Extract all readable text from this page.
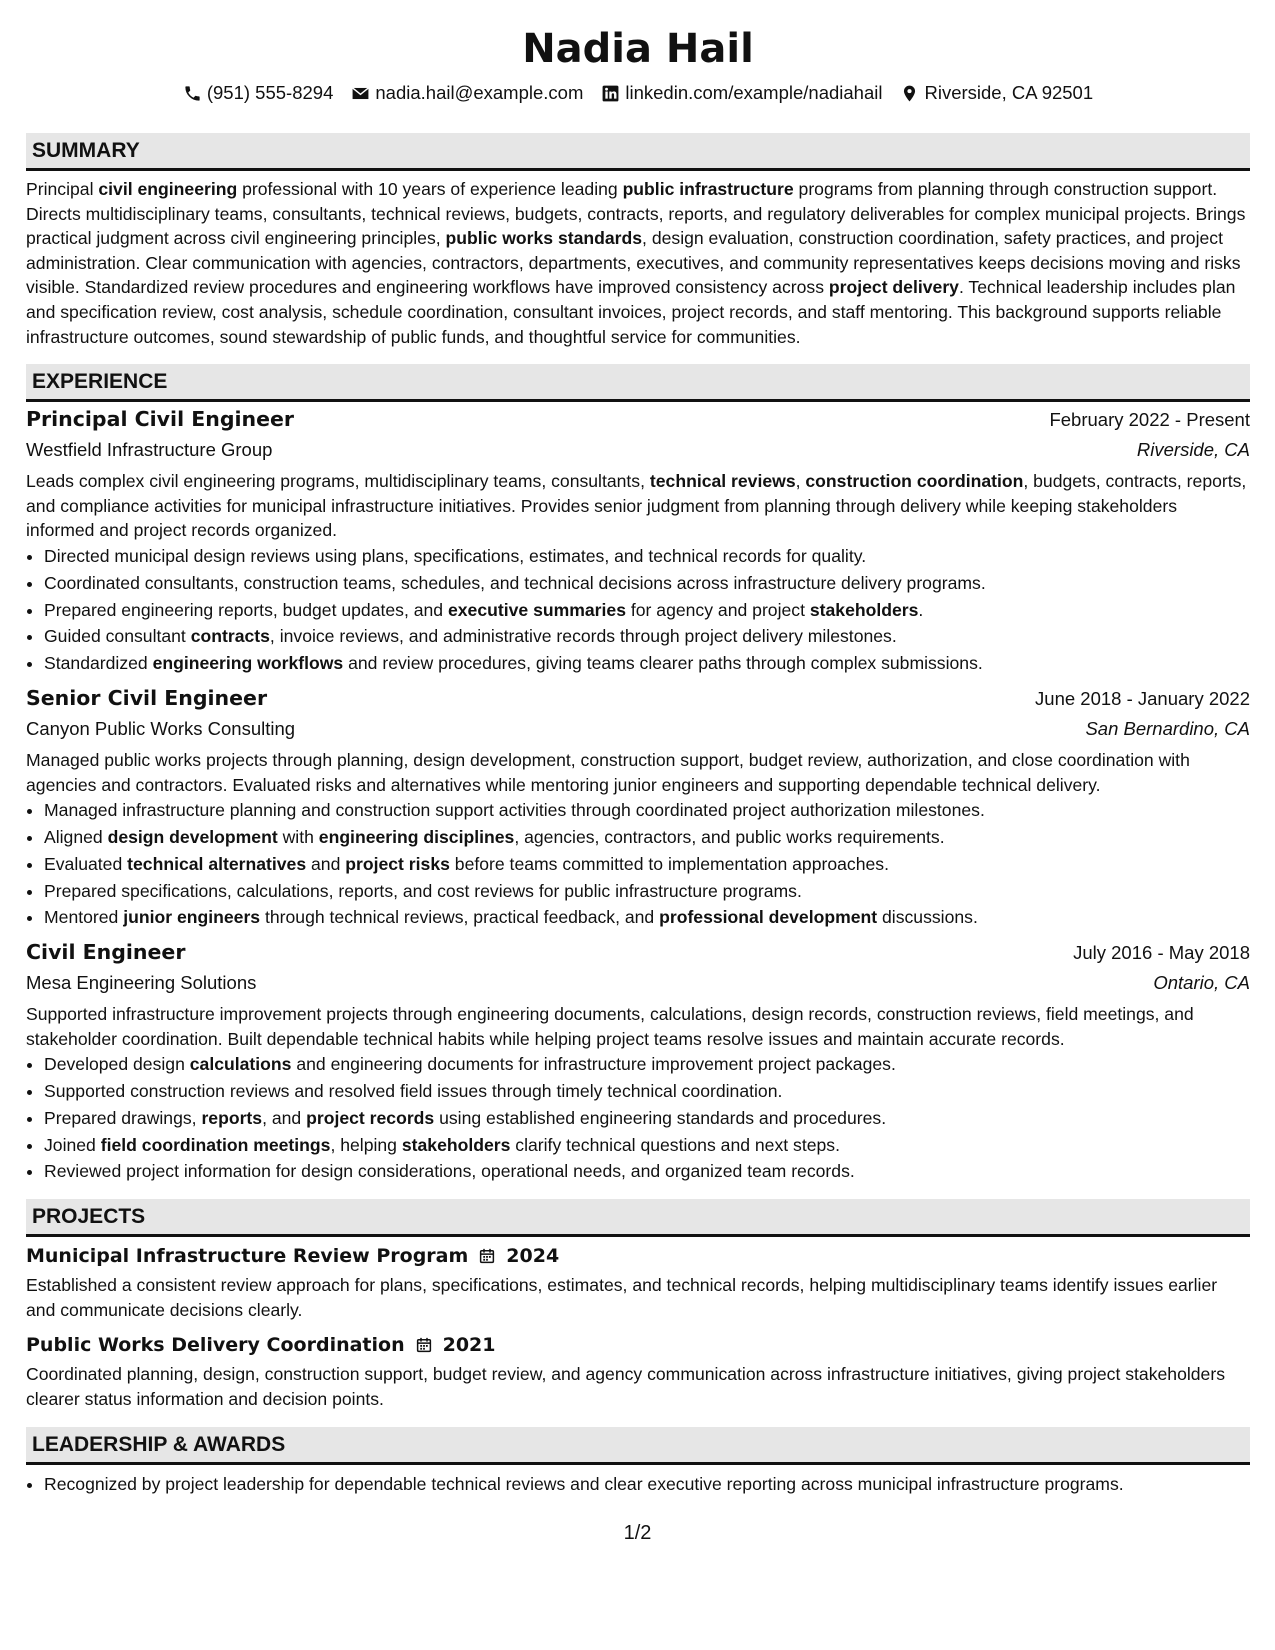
Nadia Hail
(951) 555-8294 nadia.hail@example.com linkedin.com/example/nadiahail Riverside, CA 92501
SUMMARY
Principal civil engineering professional with 10 years of experience leading public infrastructure programs from planning through construction support. Directs multidisciplinary teams, consultants, technical reviews, budgets, contracts, reports, and regulatory deliverables for complex municipal projects. Brings practical judgment across civil engineering principles, public works standards, design evaluation, construction coordination, safety practices, and project administration. Clear communication with agencies, contractors, departments, executives, and community representatives keeps decisions moving and risks visible. Standardized review procedures and engineering workflows have improved consistency across project delivery. Technical leadership includes plan and specification review, cost analysis, schedule coordination, consultant invoices, project records, and staff mentoring. This background supports reliable infrastructure outcomes, sound stewardship of public funds, and thoughtful service for communities.
EXPERIENCE
Principal Civil Engineer	February 2022 - Present
Westfield Infrastructure Group	Riverside, CA
Leads complex civil engineering programs, multidisciplinary teams, consultants, technical reviews, construction coordination, budgets, contracts, reports, and compliance activities for municipal infrastructure initiatives. Provides senior judgment from planning through delivery while keeping stakeholders informed and project records organized.
• Directed municipal design reviews using plans, specifications, estimates, and technical records for quality.
• Coordinated consultants, construction teams, schedules, and technical decisions across infrastructure delivery programs.
• Prepared engineering reports, budget updates, and executive summaries for agency and project stakeholders.
• Guided consultant contracts, invoice reviews, and administrative records through project delivery milestones.
• Standardized engineering workflows and review procedures, giving teams clearer paths through complex submissions.
Senior Civil Engineer	June 2018 - January 2022
Canyon Public Works Consulting	San Bernardino, CA
Managed public works projects through planning, design development, construction support, budget review, authorization, and close coordination with agencies and contractors. Evaluated risks and alternatives while mentoring junior engineers and supporting dependable technical delivery.
• Managed infrastructure planning and construction support activities through coordinated project authorization milestones.
• Aligned design development with engineering disciplines, agencies, contractors, and public works requirements.
• Evaluated technical alternatives and project risks before teams committed to implementation approaches.
• Prepared specifications, calculations, reports, and cost reviews for public infrastructure programs.
• Mentored junior engineers through technical reviews, practical feedback, and professional development discussions.
Civil Engineer	July 2016 - May 2018
Mesa Engineering Solutions	Ontario, CA
Supported infrastructure improvement projects through engineering documents, calculations, design records, construction reviews, field meetings, and stakeholder coordination. Built dependable technical habits while helping project teams resolve issues and maintain accurate records.
• Developed design calculations and engineering documents for infrastructure improvement project packages.
• Supported construction reviews and resolved field issues through timely technical coordination.
• Prepared drawings, reports, and project records using established engineering standards and procedures.
• Joined field coordination meetings, helping stakeholders clarify technical questions and next steps.
• Reviewed project information for design considerations, operational needs, and organized team records.
PROJECTS
Municipal Infrastructure Review Program 2024
Established a consistent review approach for plans, specifications, estimates, and technical records, helping multidisciplinary teams identify issues earlier and communicate decisions clearly.
Public Works Delivery Coordination 2021
Coordinated planning, design, construction support, budget review, and agency communication across infrastructure initiatives, giving project stakeholders clearer status information and decision points.
LEADERSHIP & AWARDS
• Recognized by project leadership for dependable technical reviews and clear executive reporting across municipal infrastructure programs.
1/2
